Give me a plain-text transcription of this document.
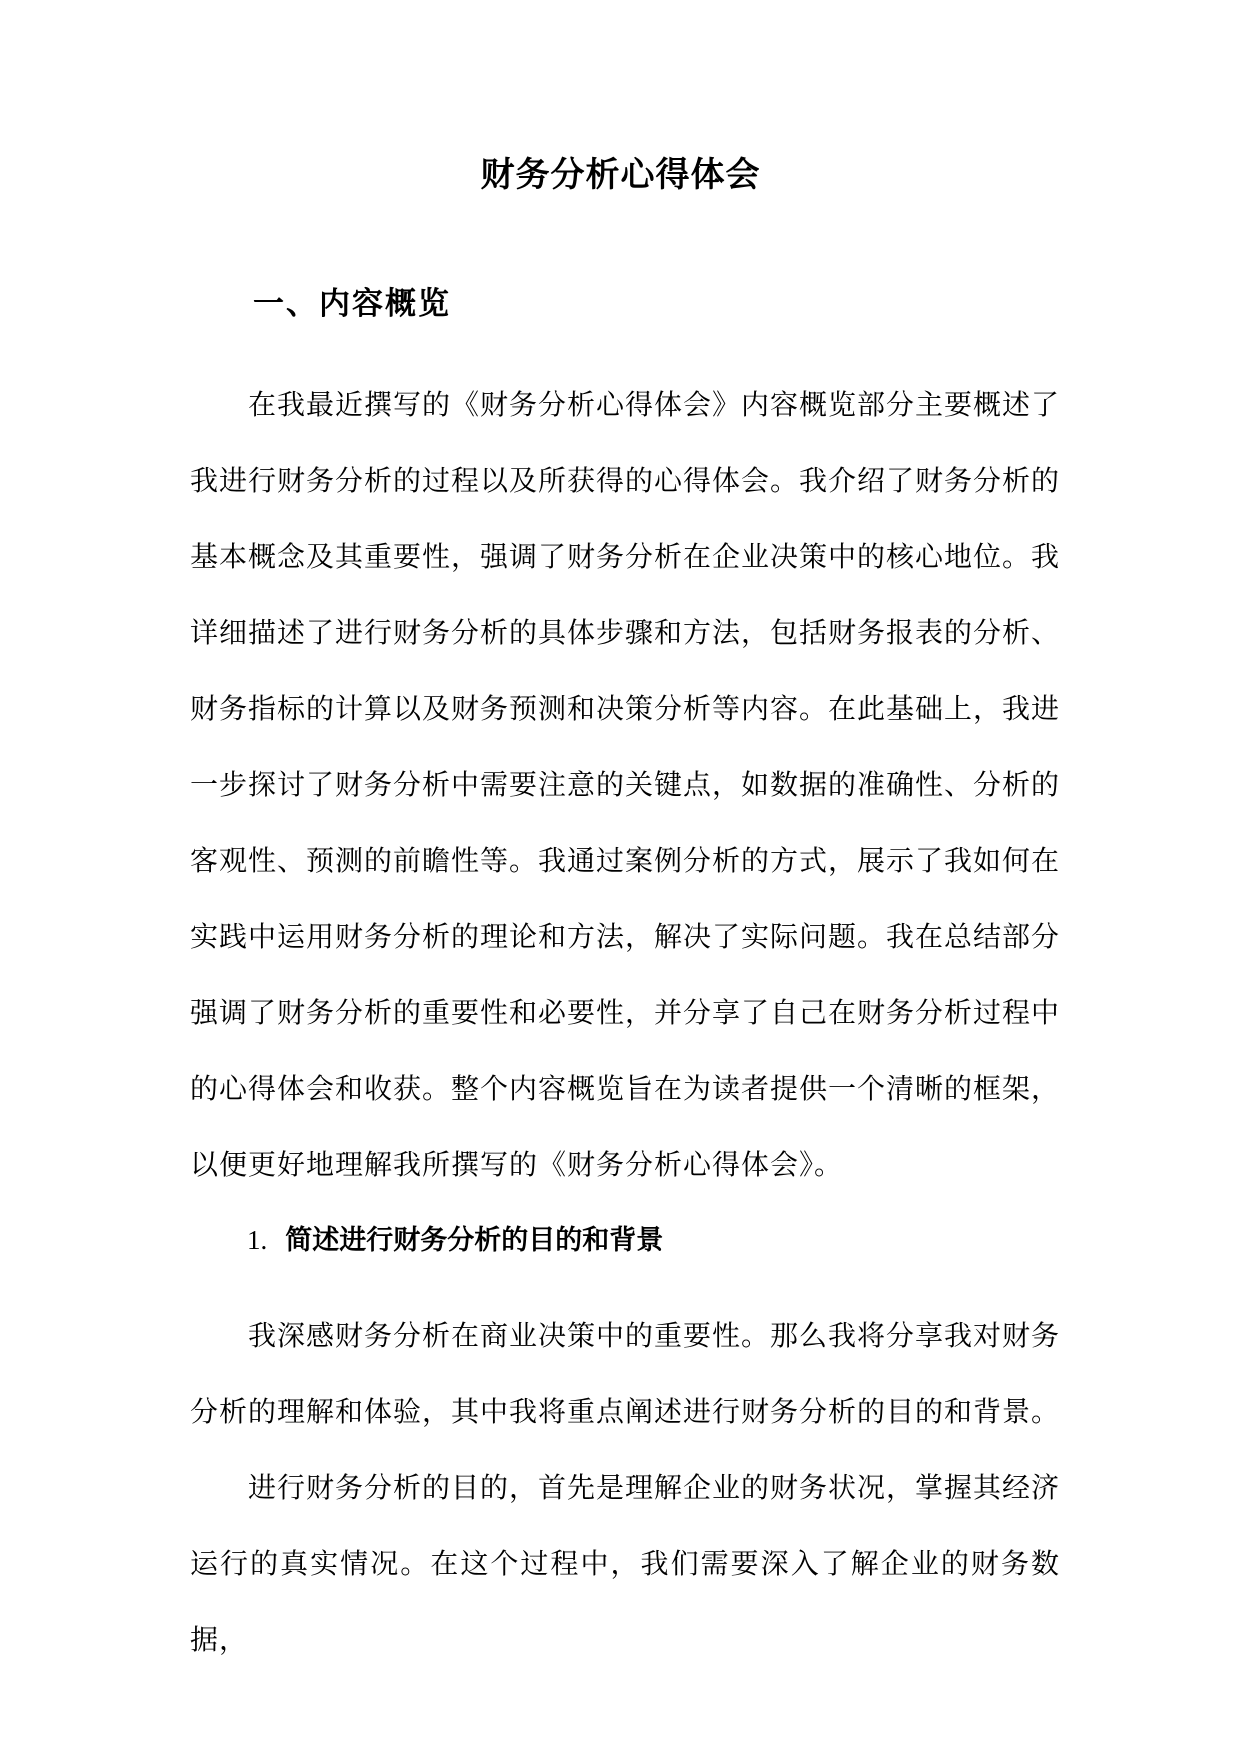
财务分析心得体会
一、内容概览

在我最近撰写的《财务分析心得体会》内容概览部分主要概述了我进行财务分析的过程以及所获得的心得体会。我介绍了财务分析的基本概念及其重要性，强调了财务分析在企业决策中的核心地位。我详细描述了进行财务分析的具体步骤和方法，包括财务报表的分析、财务指标的计算以及财务预测和决策分析等内容。在此基础上，我进一步探讨了财务分析中需要注意的关键点，如数据的准确性、分析的客观性、预测的前瞻性等。我通过案例分析的方式，展示了我如何在实践中运用财务分析的理论和方法，解决了实际问题。我在总结部分强调了财务分析的重要性和必要性，并分享了自己在财务分析过程中的心得体会和收获。整个内容概览旨在为读者提供一个清晰的框架，以便更好地理解我所撰写的《财务分析心得体会》。

1. 简述进行财务分析的目的和背景

我深感财务分析在商业决策中的重要性。那么我将分享我对财务分析的理解和体验，其中我将重点阐述进行财务分析的目的和背景。

进行财务分析的目的，首先是理解企业的财务状况，掌握其经济运行的真实情况。在这个过程中，我们需要深入了解企业的财务数据，
